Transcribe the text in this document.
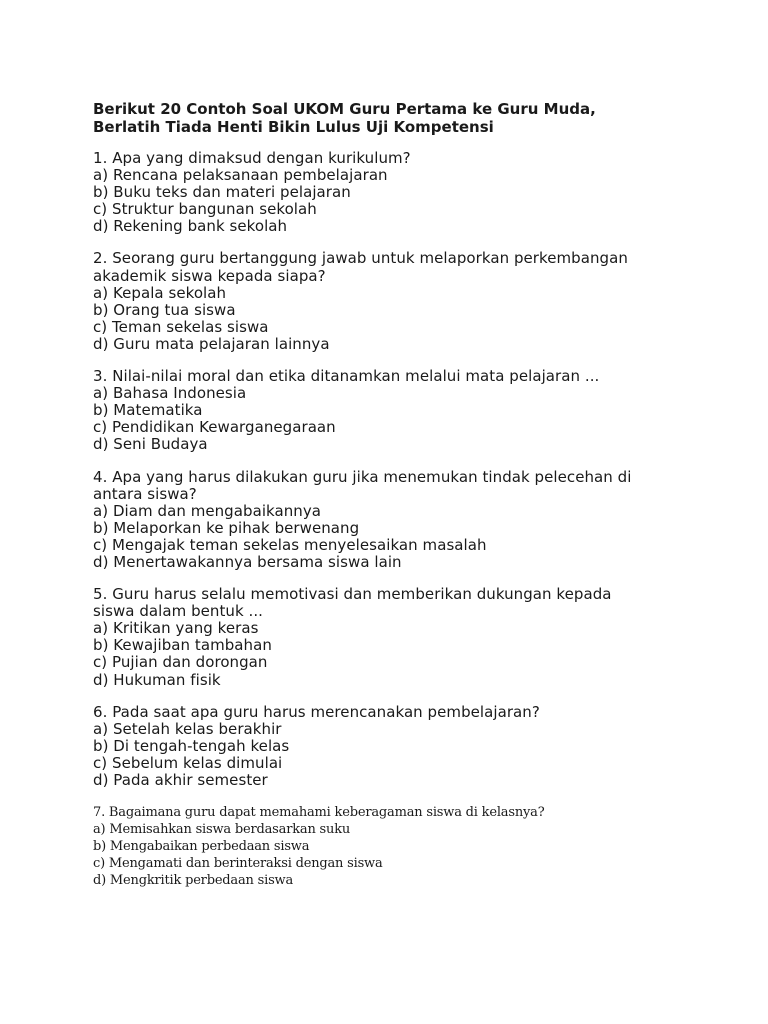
Berikut 20 Contoh Soal UKOM Guru Pertama ke Guru Muda,
Berlatih Tiada Henti Bikin Lulus Uji Kompetensi
1. Apa yang dimaksud dengan kurikulum?
a) Rencana pelaksanaan pembelajaran
b) Buku teks dan materi pelajaran
c) Struktur bangunan sekolah
d) Rekening bank sekolah
2. Seorang guru bertanggung jawab untuk melaporkan perkembangan
akademik siswa kepada siapa?
a) Kepala sekolah
b) Orang tua siswa
c) Teman sekelas siswa
d) Guru mata pelajaran lainnya
3. Nilai-nilai moral dan etika ditanamkan melalui mata pelajaran ...
a) Bahasa Indonesia
b) Matematika
c) Pendidikan Kewarganegaraan
d) Seni Budaya
4. Apa yang harus dilakukan guru jika menemukan tindak pelecehan di
antara siswa?
a) Diam dan mengabaikannya
b) Melaporkan ke pihak berwenang
c) Mengajak teman sekelas menyelesaikan masalah
d) Menertawakannya bersama siswa lain
5. Guru harus selalu memotivasi dan memberikan dukungan kepada
siswa dalam bentuk ...
a) Kritikan yang keras
b) Kewajiban tambahan
c) Pujian dan dorongan
d) Hukuman fisik
6. Pada saat apa guru harus merencanakan pembelajaran?
a) Setelah kelas berakhir
b) Di tengah-tengah kelas
c) Sebelum kelas dimulai
d) Pada akhir semester
7. Bagaimana guru dapat memahami keberagaman siswa di kelasnya?
a) Memisahkan siswa berdasarkan suku
b) Mengabaikan perbedaan siswa
c) Mengamati dan berinteraksi dengan siswa
d) Mengkritik perbedaan siswa
